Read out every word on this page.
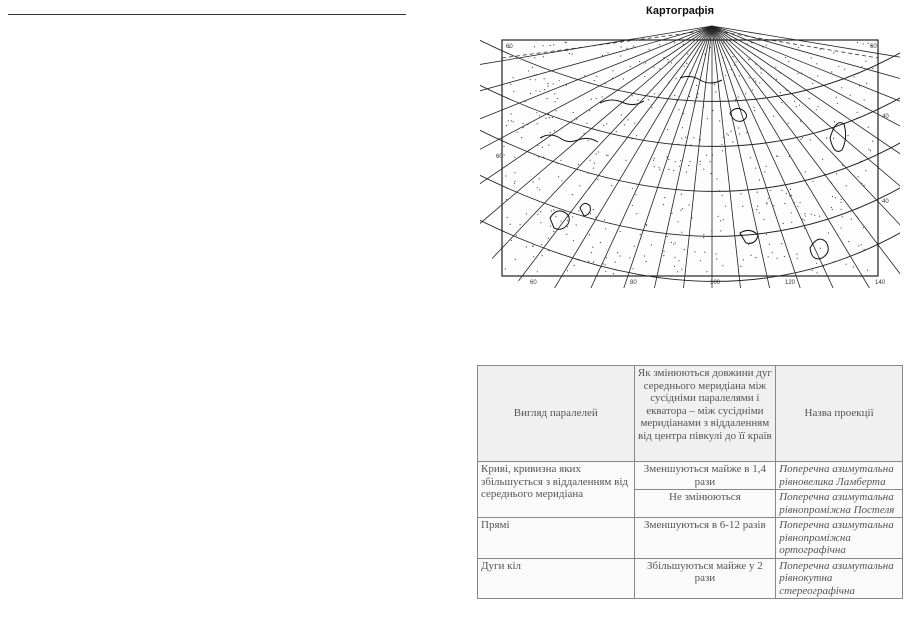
Картографія
60	60
60
60	80	100	120	140
40
40
Вигляд паралелей	Як змінюються довжини дуг середнього меридіана між сусідніми паралелями і екватора – між сусідніми меридіанами з віддаленням від центра півкулі до її країв	Назва проекції
Криві, кривизна яких збільшується з віддаленням від середнього меридіана	Зменшуються майже в 1,4 рази	Поперечна азимутальна рівновелика Ламберта
	Не змінюються	Поперечна азимутальна рівнопроміжна Постеля
Прямі	Зменшуються в 6-12 разів	Поперечна азимутальна рівнопроміжна ортографічна
Дуги кіл	Збільшуються майже у 2 рази	Поперечна азимутальна рівнокутна стереографічна
